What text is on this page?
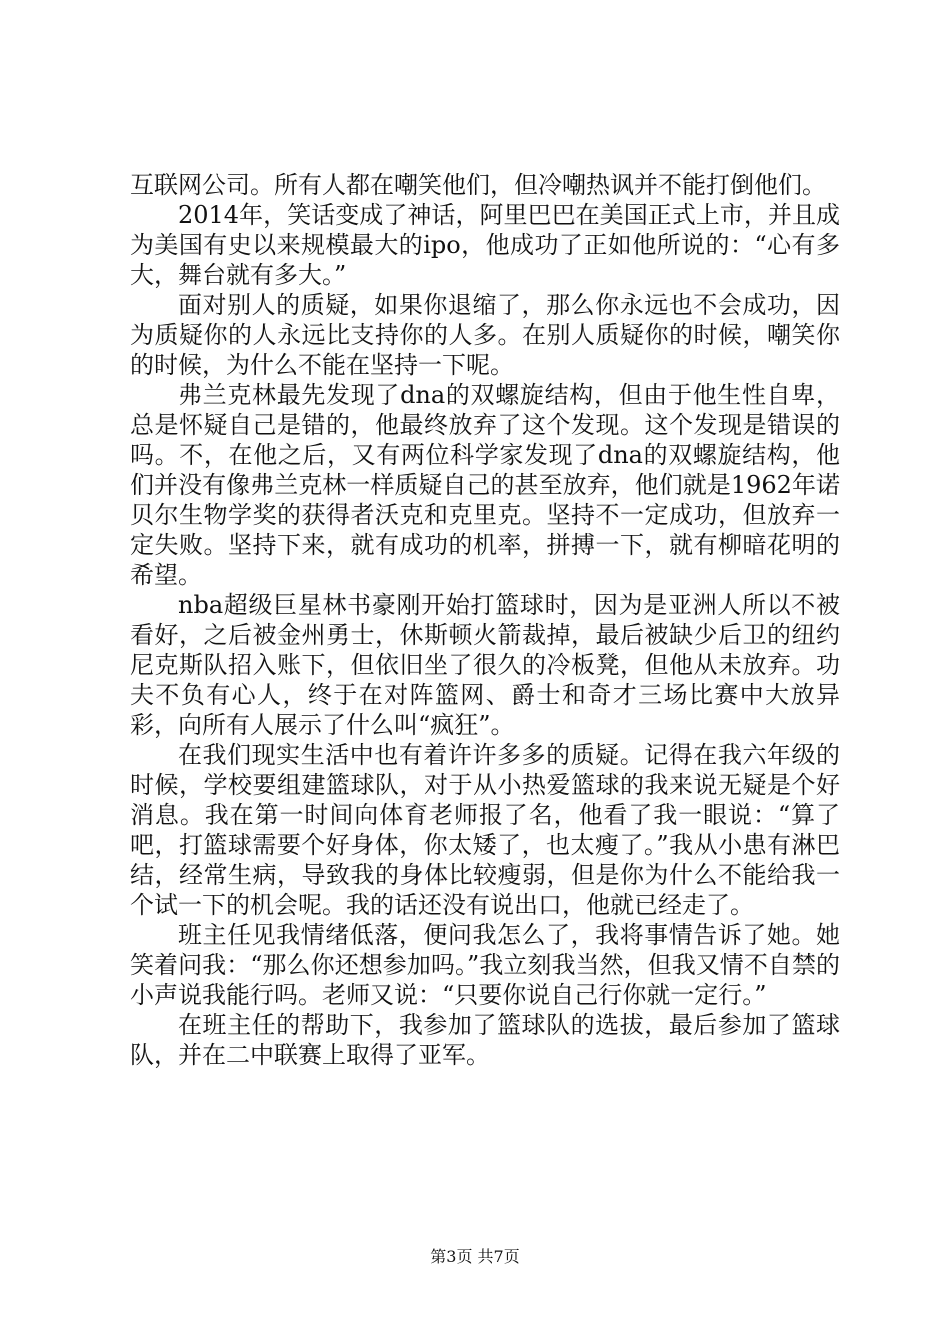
互联网公司。所有人都在嘲笑他们，但冷嘲热讽并不能打倒他们。

2014年，笑话变成了神话，阿里巴巴在美国正式上市，并且成为美国有史以来规模最大的ipo，他成功了正如他所说的：“心有多大，舞台就有多大。”

面对别人的质疑，如果你退缩了，那么你永远也不会成功，因为质疑你的人永远比支持你的人多。在别人质疑你的时候，嘲笑你的时候，为什么不能在坚持一下呢。

弗兰克林最先发现了dna的双螺旋结构，但由于他生性自卑，总是怀疑自己是错的，他最终放弃了这个发现。这个发现是错误的吗。不，在他之后，又有两位科学家发现了dna的双螺旋结构，他们并没有像弗兰克林一样质疑自己的甚至放弃，他们就是1962年诺贝尔生物学奖的获得者沃克和克里克。坚持不一定成功，但放弃一定失败。坚持下来，就有成功的机率，拼搏一下，就有柳暗花明的希望。

nba超级巨星林书豪刚开始打篮球时，因为是亚洲人所以不被看好，之后被金州勇士，休斯顿火箭裁掉，最后被缺少后卫的纽约尼克斯队招入账下，但依旧坐了很久的冷板凳，但他从未放弃。功夫不负有心人，终于在对阵篮网、爵士和奇才三场比赛中大放异彩，向所有人展示了什么叫“疯狂”。

在我们现实生活中也有着许许多多的质疑。记得在我六年级的时候，学校要组建篮球队，对于从小热爱篮球的我来说无疑是个好消息。我在第一时间向体育老师报了名，他看了我一眼说：“算了吧，打篮球需要个好身体，你太矮了，也太瘦了。”我从小患有淋巴结，经常生病，导致我的身体比较瘦弱，但是你为什么不能给我一个试一下的机会呢。我的话还没有说出口，他就已经走了。

班主任见我情绪低落，便问我怎么了，我将事情告诉了她。她笑着问我：“那么你还想参加吗。”我立刻我当然，但我又情不自禁的小声说我能行吗。老师又说：“只要你说自己行你就一定行。”

在班主任的帮助下，我参加了篮球队的选拔，最后参加了篮球队，并在二中联赛上取得了亚军。

第3页 共7页
